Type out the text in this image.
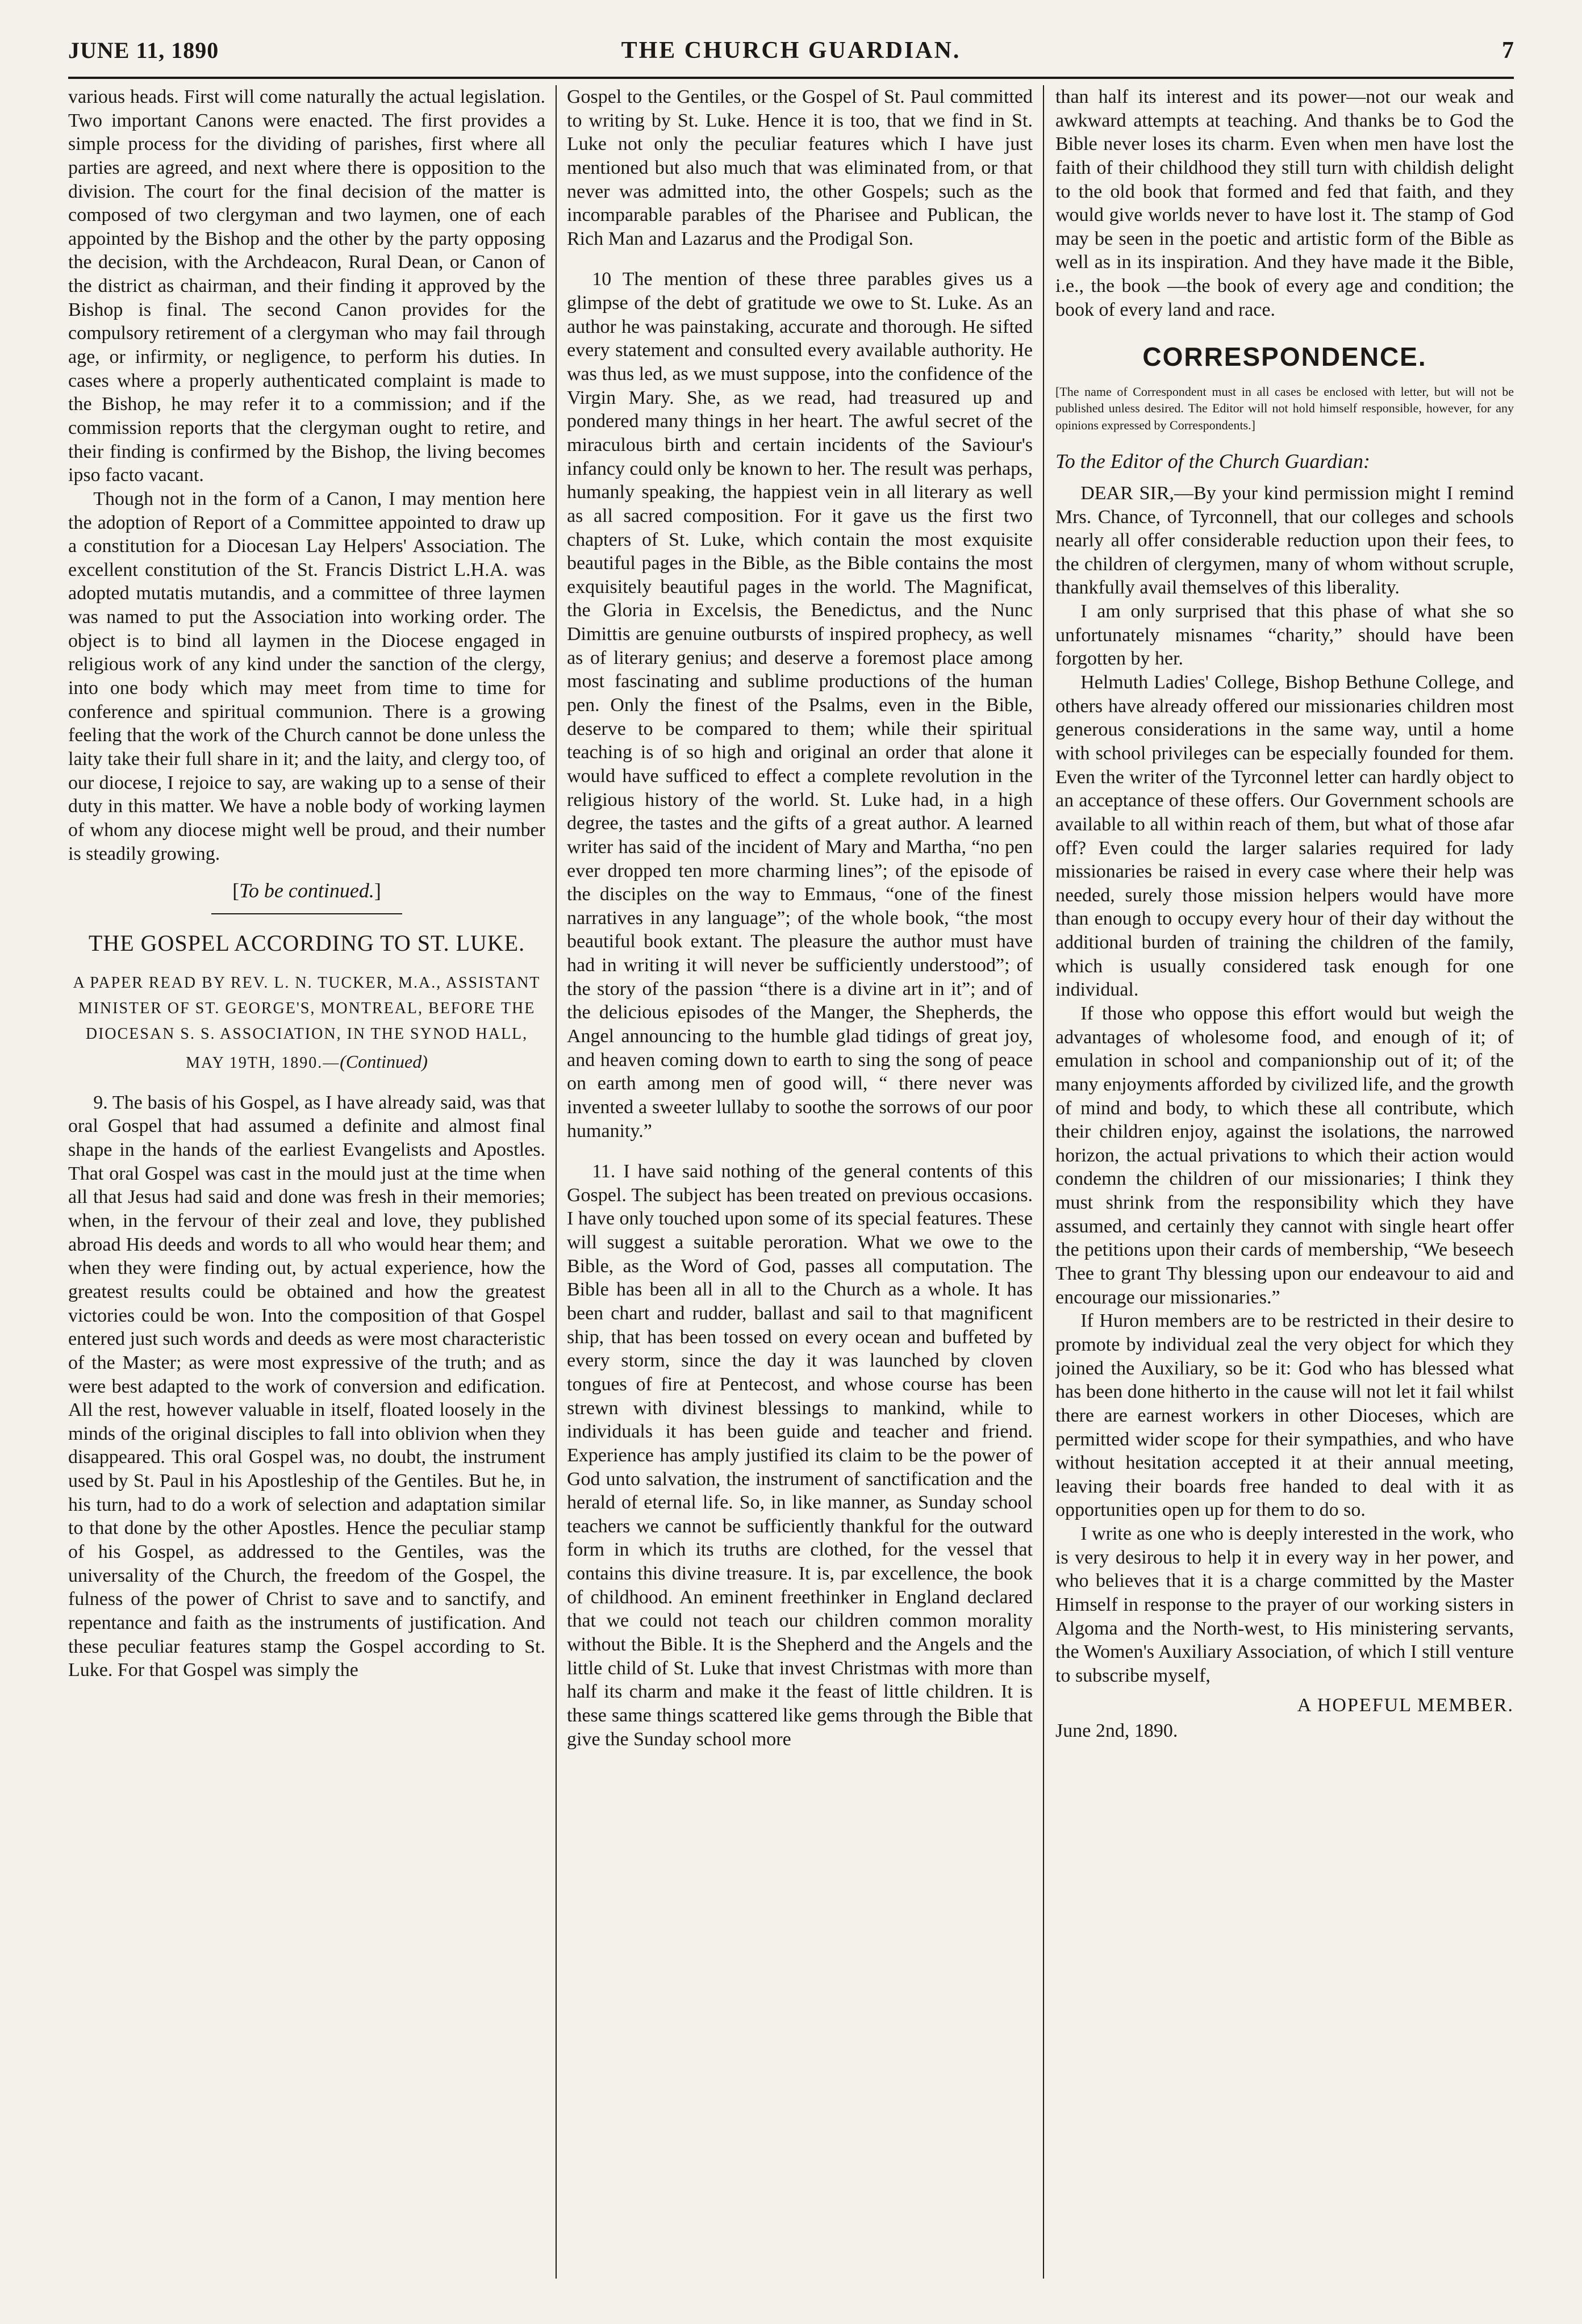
JUNE 11, 1890	THE CHURCH GUARDIAN.	7

various heads. First will come naturally the actual legislation. Two important Canons were enacted. The first provides a simple process for the dividing of parishes, first where all parties are agreed, and next where there is opposition to the division. The court for the final decision of the matter is composed of two clergyman and two laymen, one of each appointed by the Bishop and the other by the party opposing the decision, with the Archdeacon, Rural Dean, or Canon of the district as chairman, and their finding it approved by the Bishop is final. The second Canon provides for the compulsory retirement of a clergyman who may fail through age, or infirmity, or negligence, to perform his duties. In cases where a properly authenticated complaint is made to the Bishop, he may refer it to a commission; and if the commission reports that the clergyman ought to retire, and their finding is confirmed by the Bishop, the living becomes ipso facto vacant.

Though not in the form of a Canon, I may mention here the adoption of Report of a Committee appointed to draw up a constitution for a Diocesan Lay Helpers' Association. The excellent constitution of the St. Francis District L.H.A. was adopted mutatis mutandis, and a committee of three laymen was named to put the Association into working order. The object is to bind all laymen in the Diocese engaged in religious work of any kind under the sanction of the clergy, into one body which may meet from time to time for conference and spiritual communion. There is a growing feeling that the work of the Church cannot be done unless the laity take their full share in it; and the laity, and clergy too, of our diocese, I rejoice to say, are waking up to a sense of their duty in this matter. We have a noble body of working laymen of whom any diocese might well be proud, and their number is steadily growing.

[To be continued.]
THE GOSPEL ACCORDING TO ST. LUKE.
A PAPER READ BY REV. L. N. TUCKER, M.A., ASSISTANT MINISTER OF ST. GEORGE'S, MONTREAL, BEFORE THE DIOCESAN S. S. ASSOCIATION, IN THE SYNOD HALL, MAY 19TH, 1890.—(Continued)

9. The basis of his Gospel, as I have already said, was that oral Gospel that had assumed a definite and almost final shape in the hands of the earliest Evangelists and Apostles. That oral Gospel was cast in the mould just at the time when all that Jesus had said and done was fresh in their memories; when, in the fervour of their zeal and love, they published abroad His deeds and words to all who would hear them; and when they were finding out, by actual experience, how the greatest results could be obtained and how the greatest victories could be won. Into the composition of that Gospel entered just such words and deeds as were most characteristic of the Master; as were most expressive of the truth; and as were best adapted to the work of conversion and edification. All the rest, however valuable in itself, floated loosely in the minds of the original disciples to fall into oblivion when they disappeared. This oral Gospel was, no doubt, the instrument used by St. Paul in his Apostleship of the Gentiles. But he, in his turn, had to do a work of selection and adaptation similar to that done by the other Apostles. Hence the peculiar stamp of his Gospel, as addressed to the Gentiles, was the universality of the Church, the freedom of the Gospel, the fulness of the power of Christ to save and to sanctify, and repentance and faith as the instruments of justification. And these peculiar features stamp the Gospel according to St. Luke. For that Gospel was simply the

Gospel to the Gentiles, or the Gospel of St. Paul committed to writing by St. Luke. Hence it is too, that we find in St. Luke not only the peculiar features which I have just mentioned but also much that was eliminated from, or that never was admitted into, the other Gospels; such as the incomparable parables of the Pharisee and Publican, the Rich Man and Lazarus and the Prodigal Son.

10 The mention of these three parables gives us a glimpse of the debt of gratitude we owe to St. Luke. As an author he was painstaking, accurate and thorough. He sifted every statement and consulted every available authority. He was thus led, as we must suppose, into the confidence of the Virgin Mary. She, as we read, had treasured up and pondered many things in her heart. The awful secret of the miraculous birth and certain incidents of the Saviour's infancy could only be known to her. The result was perhaps, humanly speaking, the happiest vein in all literary as well as all sacred composition. For it gave us the first two chapters of St. Luke, which contain the most exquisite beautiful pages in the Bible, as the Bible contains the most exquisitely beautiful pages in the world. The Magnificat, the Gloria in Excelsis, the Benedictus, and the Nunc Dimittis are genuine outbursts of inspired prophecy, as well as of literary genius; and deserve a foremost place among most fascinating and sublime productions of the human pen. Only the finest of the Psalms, even in the Bible, deserve to be compared to them; while their spiritual teaching is of so high and original an order that alone it would have sufficed to effect a complete revolution in the religious history of the world. St. Luke had, in a high degree, the tastes and the gifts of a great author. A learned writer has said of the incident of Mary and Martha, “no pen ever dropped ten more charming lines”; of the episode of the disciples on the way to Emmaus, “one of the finest narratives in any language”; of the whole book, “the most beautiful book extant. The pleasure the author must have had in writing it will never be sufficiently understood”; of the story of the passion “there is a divine art in it”; and of the delicious episodes of the Manger, the Shepherds, the Angel announcing to the humble glad tidings of great joy, and heaven coming down to earth to sing the song of peace on earth among men of good will, “ there never was invented a sweeter lullaby to soothe the sorrows of our poor humanity.”

11. I have said nothing of the general contents of this Gospel. The subject has been treated on previous occasions. I have only touched upon some of its special features. These will suggest a suitable peroration. What we owe to the Bible, as the Word of God, passes all computation. The Bible has been all in all to the Church as a whole. It has been chart and rudder, ballast and sail to that magnificent ship, that has been tossed on every ocean and buffeted by every storm, since the day it was launched by cloven tongues of fire at Pentecost, and whose course has been strewn with divinest blessings to mankind, while to individuals it has been guide and teacher and friend. Experience has amply justified its claim to be the power of God unto salvation, the instrument of sanctification and the herald of eternal life. So, in like manner, as Sunday school teachers we cannot be sufficiently thankful for the outward form in which its truths are clothed, for the vessel that contains this divine treasure. It is, par excellence, the book of childhood. An eminent freethinker in England declared that we could not teach our children common morality without the Bible. It is the Shepherd and the Angels and the little child of St. Luke that invest Christmas with more than half its charm and make it the feast of little children. It is these same things scattered like gems through the Bible that give the Sunday school more

than half its interest and its power—not our weak and awkward attempts at teaching. And thanks be to God the Bible never loses its charm. Even when men have lost the faith of their childhood they still turn with childish delight to the old book that formed and fed that faith, and they would give worlds never to have lost it. The stamp of God may be seen in the poetic and artistic form of the Bible as well as in its inspiration. And they have made it the Bible, i.e., the book —the book of every age and condition; the book of every land and race.

CORRESPONDENCE.
[The name of Correspondent must in all cases be enclosed with letter, but will not be published unless desired. The Editor will not hold himself responsible, however, for any opinions expressed by Correspondents.]
To the Editor of the Church Guardian:

DEAR SIR,—By your kind permission might I remind Mrs. Chance, of Tyrconnell, that our colleges and schools nearly all offer considerable reduction upon their fees, to the children of clergymen, many of whom without scruple, thankfully avail themselves of this liberality.

I am only surprised that this phase of what she so unfortunately misnames “charity,” should have been forgotten by her.

Helmuth Ladies' College, Bishop Bethune College, and others have already offered our missionaries children most generous considerations in the same way, until a home with school privileges can be especially founded for them. Even the writer of the Tyrconnel letter can hardly object to an acceptance of these offers. Our Government schools are available to all within reach of them, but what of those afar off? Even could the larger salaries required for lady missionaries be raised in every case where their help was needed, surely those mission helpers would have more than enough to occupy every hour of their day without the additional burden of training the children of the family, which is usually considered task enough for one individual.

If those who oppose this effort would but weigh the advantages of wholesome food, and enough of it; of emulation in school and companionship out of it; of the many enjoyments afforded by civilized life, and the growth of mind and body, to which these all contribute, which their children enjoy, against the isolations, the narrowed horizon, the actual privations to which their action would condemn the children of our missionaries; I think they must shrink from the responsibility which they have assumed, and certainly they cannot with single heart offer the petitions upon their cards of membership, “We beseech Thee to grant Thy blessing upon our endeavour to aid and encourage our missionaries.”

If Huron members are to be restricted in their desire to promote by individual zeal the very object for which they joined the Auxiliary, so be it: God who has blessed what has been done hitherto in the cause will not let it fail whilst there are earnest workers in other Dioceses, which are permitted wider scope for their sympathies, and who have without hesitation accepted it at their annual meeting, leaving their boards free handed to deal with it as opportunities open up for them to do so.

I write as one who is deeply interested in the work, who is very desirous to help it in every way in her power, and who believes that it is a charge committed by the Master Himself in response to the prayer of our working sisters in Algoma and the North-west, to His ministering servants, the Women's Auxiliary Association, of which I still venture to subscribe myself,

A HOPEFUL MEMBER.
June 2nd, 1890.
